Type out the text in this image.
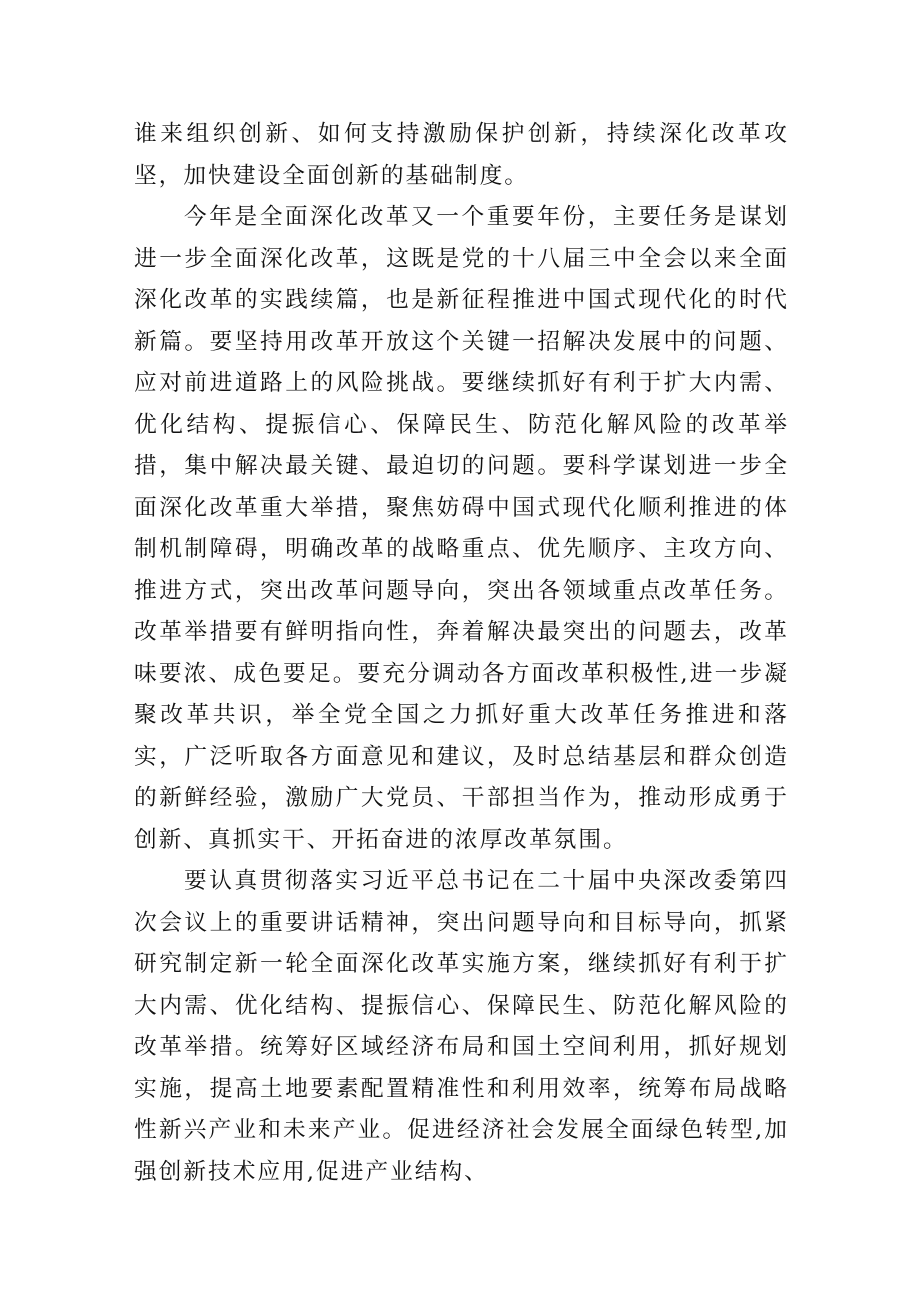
谁来组织创新、如何支持激励保护创新，持续深化改革攻坚，加快建设全面创新的基础制度。

今年是全面深化改革又一个重要年份，主要任务是谋划进一步全面深化改革，这既是党的十八届三中全会以来全面深化改革的实践续篇，也是新征程推进中国式现代化的时代新篇。要坚持用改革开放这个关键一招解决发展中的问题、应对前进道路上的风险挑战。要继续抓好有利于扩大内需、优化结构、提振信心、保障民生、防范化解风险的改革举措，集中解决最关键、最迫切的问题。要科学谋划进一步全面深化改革重大举措，聚焦妨碍中国式现代化顺利推进的体制机制障碍，明确改革的战略重点、优先顺序、主攻方向、推进方式，突出改革问题导向，突出各领域重点改革任务。改革举措要有鲜明指向性，奔着解决最突出的问题去，改革味要浓、成色要足。要充分调动各方面改革积极性,进一步凝聚改革共识，举全党全国之力抓好重大改革任务推进和落实，广泛听取各方面意见和建议，及时总结基层和群众创造的新鲜经验，激励广大党员、干部担当作为，推动形成勇于创新、真抓实干、开拓奋进的浓厚改革氛围。

要认真贯彻落实习近平总书记在二十届中央深改委第四次会议上的重要讲话精神，突出问题导向和目标导向，抓紧研究制定新一轮全面深化改革实施方案，继续抓好有利于扩大内需、优化结构、提振信心、保障民生、防范化解风险的改革举措。统筹好区域经济布局和国土空间利用，抓好规划实施，提高土地要素配置精准性和利用效率，统筹布局战略性新兴产业和未来产业。促进经济社会发展全面绿色转型,加强创新技术应用,促进产业结构、
